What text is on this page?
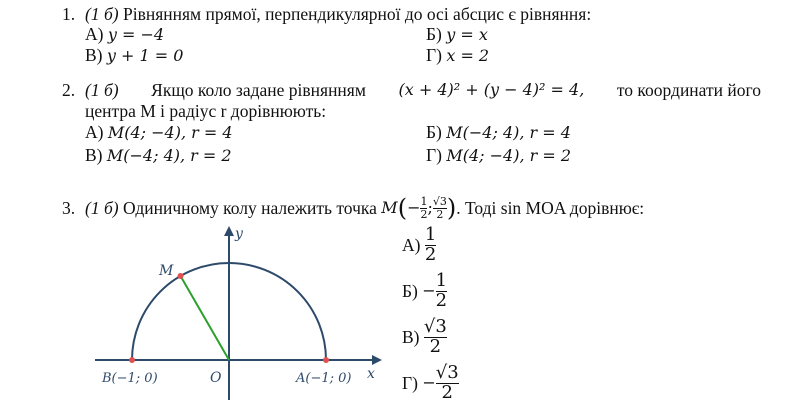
1. (1 б) Рівнянням прямої, перпендикулярної до осі абсцис є рівняння:
А) y = −4	Б) y = x
В) y + 1 = 0	Г) x = 2
2. (1 б) Якщо коло задане рівнянням (x + 4)² + (y − 4)² = 4, то координати його
центра M і радіус r дорівнюють:
А) M(4; −4), r = 4	Б) M(−4; 4), r = 4
В) M(−4; 4), r = 2	Г) M(4; −4), r = 2
3. (1 б)
Одиничному колу належить точка
M ( − $\frac{1}{2}$ ; $\frac{√3}{2}$ ) . Тоді sin MOA дорівнює:
y
x
M
O
B(−1; 0)	A(−1; 0)
А)
$\frac{1}{2}$
Б)
− $\frac{1}{2}$
В)
$\frac{√3}{2}$
Г)
− $\frac{√3}{2}$
